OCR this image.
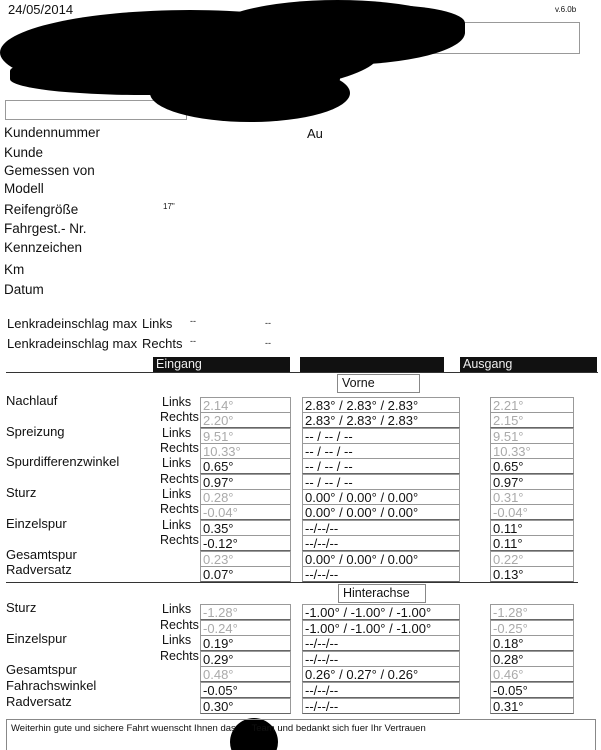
24/05/2014	v.6.0b
Au
Kundennummer
Kunde
Gemessen von
Modell
Reifengröße	17"
Fahrgest.- Nr.
Kennzeichen
Km
Datum
Lenkradeinschlag max Links --	--
Lenkradeinschlag max Rechts --	--
Eingang	Ausgang
Vorne
Nachlauf	Links 2.14°	2.83° / 2.83° / 2.83°	2.21°
Rechts 2.20°	2.83° / 2.83° / 2.83°	2.15°
Spreizung	Links 9.51°	-- / -- / --	9.51°
Rechts 10.33°	-- / -- / --	10.33°
Spurdifferenzwinkel	Links 0.65°	-- / -- / --	0.65°
Rechts 0.97°	-- / -- / --	0.97°
Sturz	Links 0.28°	0.00° / 0.00° / 0.00°	0.31°
Rechts -0.04°	0.00° / 0.00° / 0.00°	-0.04°
Einzelspur	Links 0.35°	--/--/--	0.11°
Rechts -0.12°	--/--/--	0.11°
Gesamtspur	0.23°	0.00° / 0.00° / 0.00°	0.22°
Radversatz	0.07°	--/--/--	0.13°
Hinterachse
Sturz	Links -1.28°	-1.00° / -1.00° / -1.00°	-1.28°
Rechts -0.24°	-1.00° / -1.00° / -1.00°	-0.25°
Einzelspur	Links 0.19°	--/--/--	0.18°
Rechts 0.29°	--/--/--	0.28°
Gesamtspur	0.48°	0.26° / 0.27° / 0.26°	0.46°
Fahrachswinkel	-0.05°	--/--/--	-0.05°
Radversatz	0.30°	--/--/--	0.31°
Weiterhin gute und sichere Fahrt wuenscht Ihnen das      Team und bedankt sich fuer Ihr Vertrauen
